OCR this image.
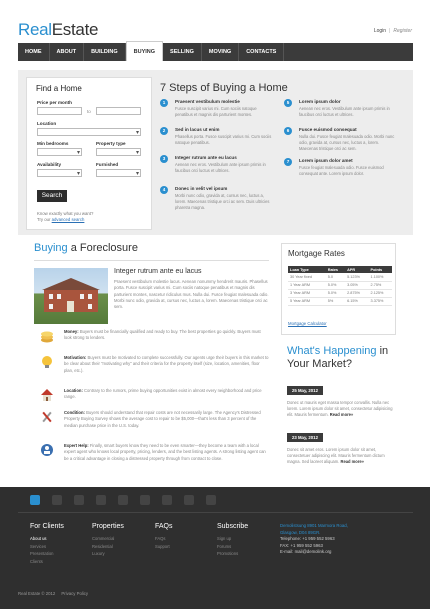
RealEstate	Login | Register
HOME	ABOUT	BUILDING	BUYING	SELLING	MOVING	CONTACTS
Find a Home
Price per month
to
Location
▾
Min bedrooms	Property type
▾
▾
Availability	Furnished
▾
▾
Search
Know exactly what you want?
Try our advanced search
7 Steps of Buying a Home
1	Praesent vestibulum molestie
Fusce suscipit varius mi. Cum sociis natoque penatibus et magnis dis parturient montes.
2	Sed in lacus ut enim
Phasellus porta. Fusce suscipit varius mi. Cum sociis natoque penatibus.
3	Integer rutrum ante eu lacus
Aenean nec eros. Vestibulum ante ipsum primis in faucibus orci luctus et ultrices.
4	Donec in velit vel ipsum
Morbi nunc odio, gravida at, cursus nec, luctus a, lorem. Maecenas tristique orci ac sem. Duis ultricies pharetra magna.
5	Lorem ipsum dolor
Aenean nec eros. Vestibulum ante ipsum primis in faucibus orci luctus et ultrices.
6	Fusce euismod consequat
Nulla dui. Fusce feugiat malesuada odio. Morbi nunc odio, gravida at, cursus nec, luctus a, lorem. Maecenas tristique orci ac sem.
7	Lorem ipsum dolor amet
Fusce feugiat malesuada odio. Fusce euismod consequat ante. Lorem ipsum dolor.
Buying a Foreclosure
Integer rutrum ante eu lacus
Praesent vestibulum molestie lacus. Aenean nonummy hendrerit mauris. Phasellus porta. Fusce suscipit varius mi. Cum sociis natoque penatibus et magnis dis parturient montes, nascetur ridiculus mus. Nulla dui. Fusce feugiat malesuada odio. Morbi nunc odio, gravida at, cursus nec, luctus a, lorem. Maecenas tristique orci ac sem.
Money: Buyers must be financially qualified and ready to buy. The best properties go quickly. Buyers must look strong to lenders.
Motivation: Buyers must be motivated to complete successfully. Our agents urge their buyers in this market to be clear about their "motivating why" and their criteria for the property itself (size, location, amenities, floor plan, etc.).
Location: Contrary to the rumors, prime buying opportunities exist in almost every neighborhood and price range.
Condition: Buyers should understand that repair costs are not necessarily large. The Agency's Distressed Property Buying Survey shows the average cost to repair to be $5,000—that's less than 3 percent of the median purchase price in the U.S. today.
Expert Help: Finally, smart buyers know they need to be even smarter—they become a team with a local expert agent who knows local property, pricing, lenders, and the best listing agents. A strong listing agent can be a critical advantage in closing a distressed property through from contract to close.
Mortgage Rates
Loan Type	Rates	APR	Points
30 Year fixed	5.0	5.123%	1.100%
1 Year ARM	5.0%	3.05%	2.75%
3 Year ARM	5.0%	2.875%	2.125%
5 Year ARM	5%	6.15%	3.375%
Mortgage Calculator
What's Happening in Your Market?
25 May, 2012
Donec ut mauris eget massa tempor convallis. Nulla nec lorem. Lorem ipsum dolor sit amet, consectetur adipisicing elit. Mauris fermentum. Read more»
23 May, 2012
Donec sit amet eros. Lorem ipsum dolor sit amet, consectetuer adipiscing elit. Mauris fermentum dictum magna. Sed laoreet aliquam. Read more»
For Clients
About us
Services
Presentation
Clients
Properties
Commercial
Residential
Luxury
FAQs
FAQs
Support
Subscribe
Sign up
Forums
Promotions
Demolistsung 8901 Marmora Road,
Glasgow, D04 89GR.
Telephone: +1 959 552 5963
FAX: +1 959 552 5963
E-mail: mail@demolink.org
Real Estate © 2012 Privacy Policy
